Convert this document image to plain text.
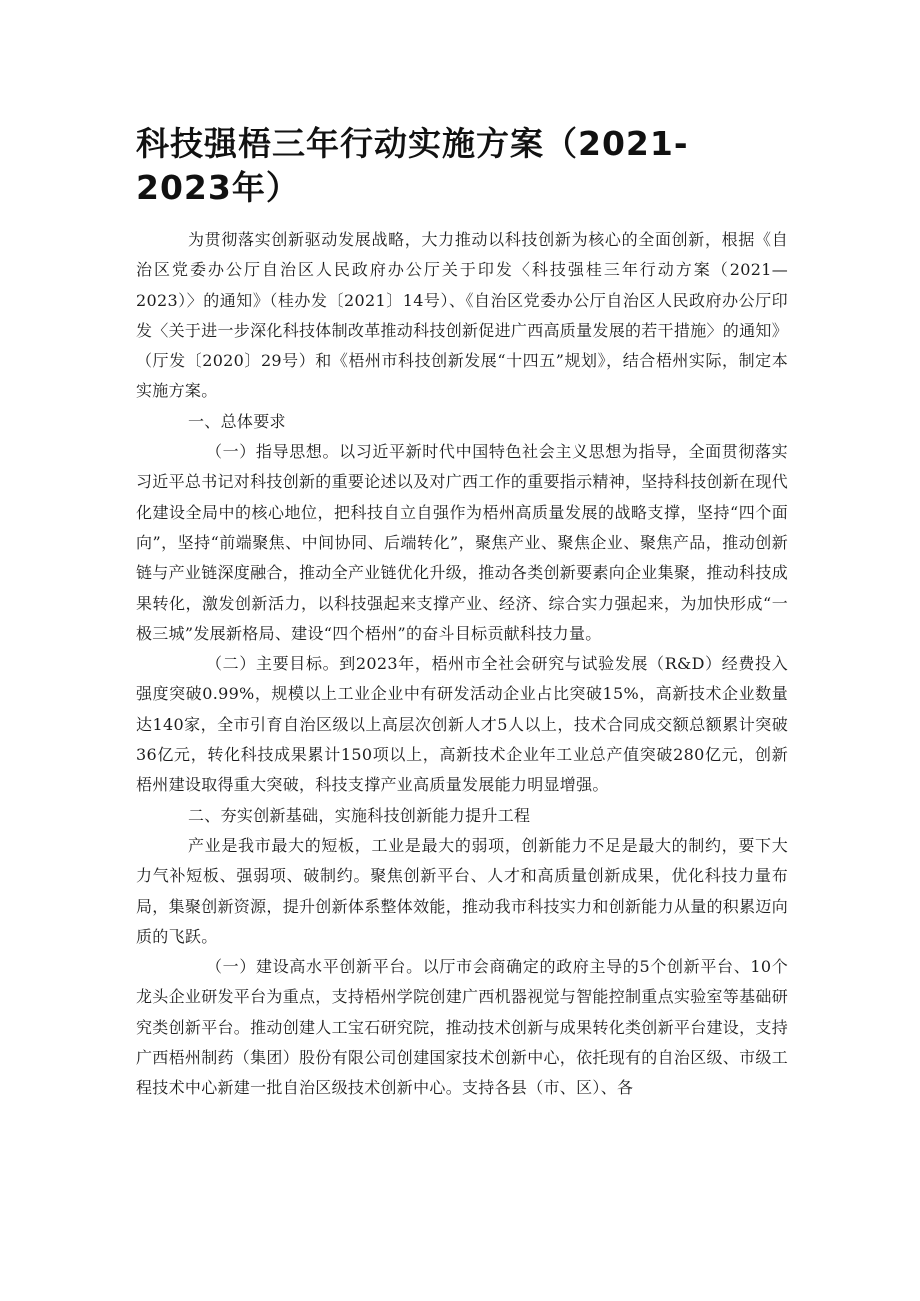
科技强梧三年行动实施方案（2021-2023年）

为贯彻落实创新驱动发展战略，大力推动以科技创新为核心的全面创新，根据《自治区党委办公厅自治区人民政府办公厅关于印发〈科技强桂三年行动方案（2021—2023）〉的通知》（桂办发〔2021〕14号）、《自治区党委办公厅自治区人民政府办公厅印发〈关于进一步深化科技体制改革推动科技创新促进广西高质量发展的若干措施〉的通知》（厅发〔2020〕29号）和《梧州市科技创新发展“十四五”规划》，结合梧州实际，制定本实施方案。

一、总体要求

（一）指导思想。以习近平新时代中国特色社会主义思想为指导，全面贯彻落实习近平总书记对科技创新的重要论述以及对广西工作的重要指示精神，坚持科技创新在现代化建设全局中的核心地位，把科技自立自强作为梧州高质量发展的战略支撑，坚持“四个面向”，坚持“前端聚焦、中间协同、后端转化”，聚焦产业、聚焦企业、聚焦产品，推动创新链与产业链深度融合，推动全产业链优化升级，推动各类创新要素向企业集聚，推动科技成果转化，激发创新活力，以科技强起来支撑产业、经济、综合实力强起来，为加快形成“一极三城”发展新格局、建设“四个梧州”的奋斗目标贡献科技力量。

（二）主要目标。到2023年，梧州市全社会研究与试验发展（R&D）经费投入强度突破0.99%，规模以上工业企业中有研发活动企业占比突破15%，高新技术企业数量达140家，全市引育自治区级以上高层次创新人才5人以上，技术合同成交额总额累计突破36亿元，转化科技成果累计150项以上，高新技术企业年工业总产值突破280亿元，创新梧州建设取得重大突破，科技支撑产业高质量发展能力明显增强。

二、夯实创新基础，实施科技创新能力提升工程

产业是我市最大的短板，工业是最大的弱项，创新能力不足是最大的制约，要下大力气补短板、强弱项、破制约。聚焦创新平台、人才和高质量创新成果，优化科技力量布局，集聚创新资源，提升创新体系整体效能，推动我市科技实力和创新能力从量的积累迈向质的飞跃。

（一）建设高水平创新平台。以厅市会商确定的政府主导的5个创新平台、10个龙头企业研发平台为重点，支持梧州学院创建广西机器视觉与智能控制重点实验室等基础研究类创新平台。推动创建人工宝石研究院，推动技术创新与成果转化类创新平台建设，支持广西梧州制药（集团）股份有限公司创建国家技术创新中心，依托现有的自治区级、市级工程技术中心新建一批自治区级技术创新中心。支持各县（市、区）、各
